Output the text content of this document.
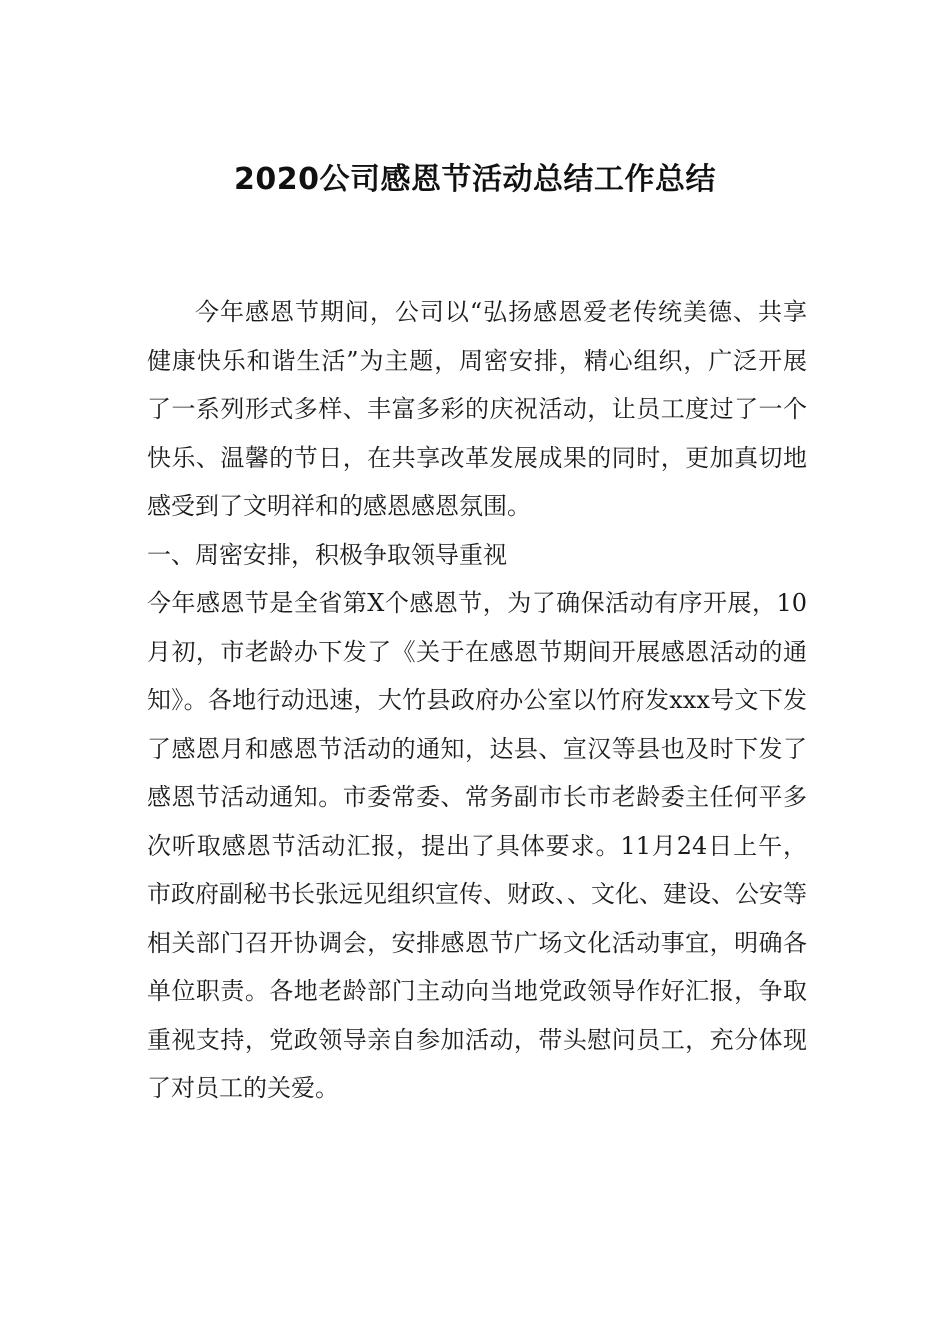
2020公司感恩节活动总结工作总结

今年感恩节期间，公司以“弘扬感恩爱老传统美德、共享健康快乐和谐生活”为主题，周密安排，精心组织，广泛开展了一系列形式多样、丰富多彩的庆祝活动，让员工度过了一个快乐、温馨的节日，在共享改革发展成果的同时，更加真切地感受到了文明祥和的感恩感恩氛围。

一、周密安排，积极争取领导重视

今年感恩节是全省第X个感恩节，为了确保活动有序开展，10月初，市老龄办下发了《关于在感恩节期间开展感恩活动的通知》。各地行动迅速，大竹县政府办公室以竹府发xxx号文下发了感恩月和感恩节活动的通知，达县、宣汉等县也及时下发了感恩节活动通知。市委常委、常务副市长市老龄委主任何平多次听取感恩节活动汇报，提出了具体要求。11月24日上午，市政府副秘书长张远见组织宣传、财政、、文化、建设、公安等相关部门召开协调会，安排感恩节广场文化活动事宜，明确各单位职责。各地老龄部门主动向当地党政领导作好汇报，争取重视支持，党政领导亲自参加活动，带头慰问员工，充分体现了对员工的关爱。
